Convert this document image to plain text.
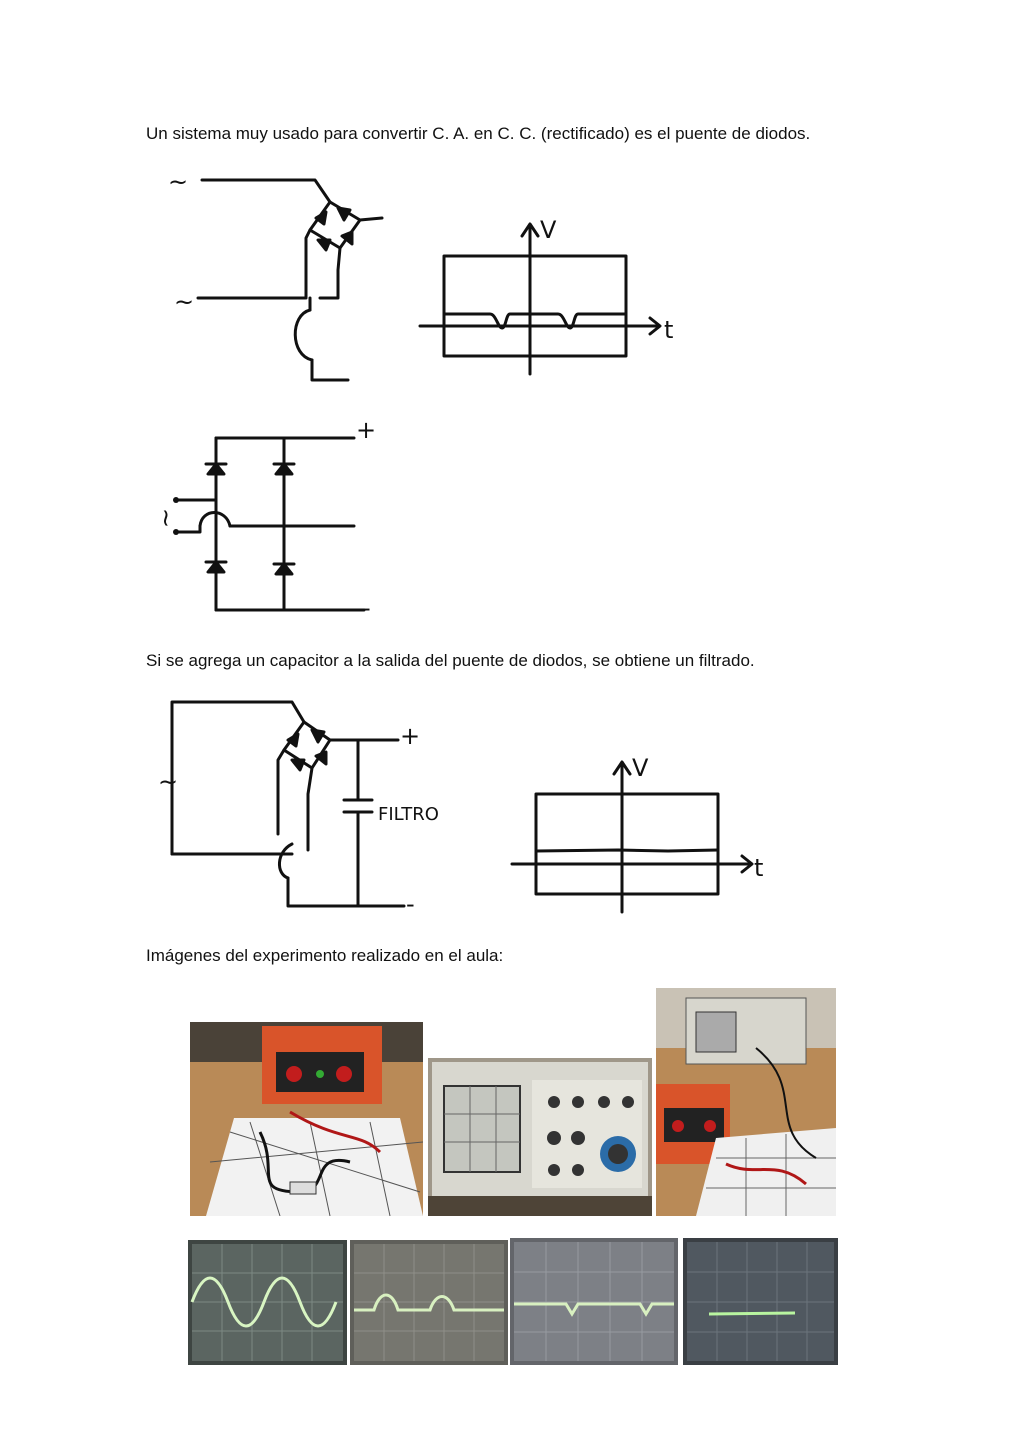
Un sistema muy usado para convertir C. A. en C. C. (rectificado) es el puente de diodos.

~
~
V
t
+
-
~

Si se agrega un capacitor a la salida del puente de diodos, se obtiene un filtrado.

~
+
-
FILTRO
V
t

Imágenes del experimento realizado en el aula:
